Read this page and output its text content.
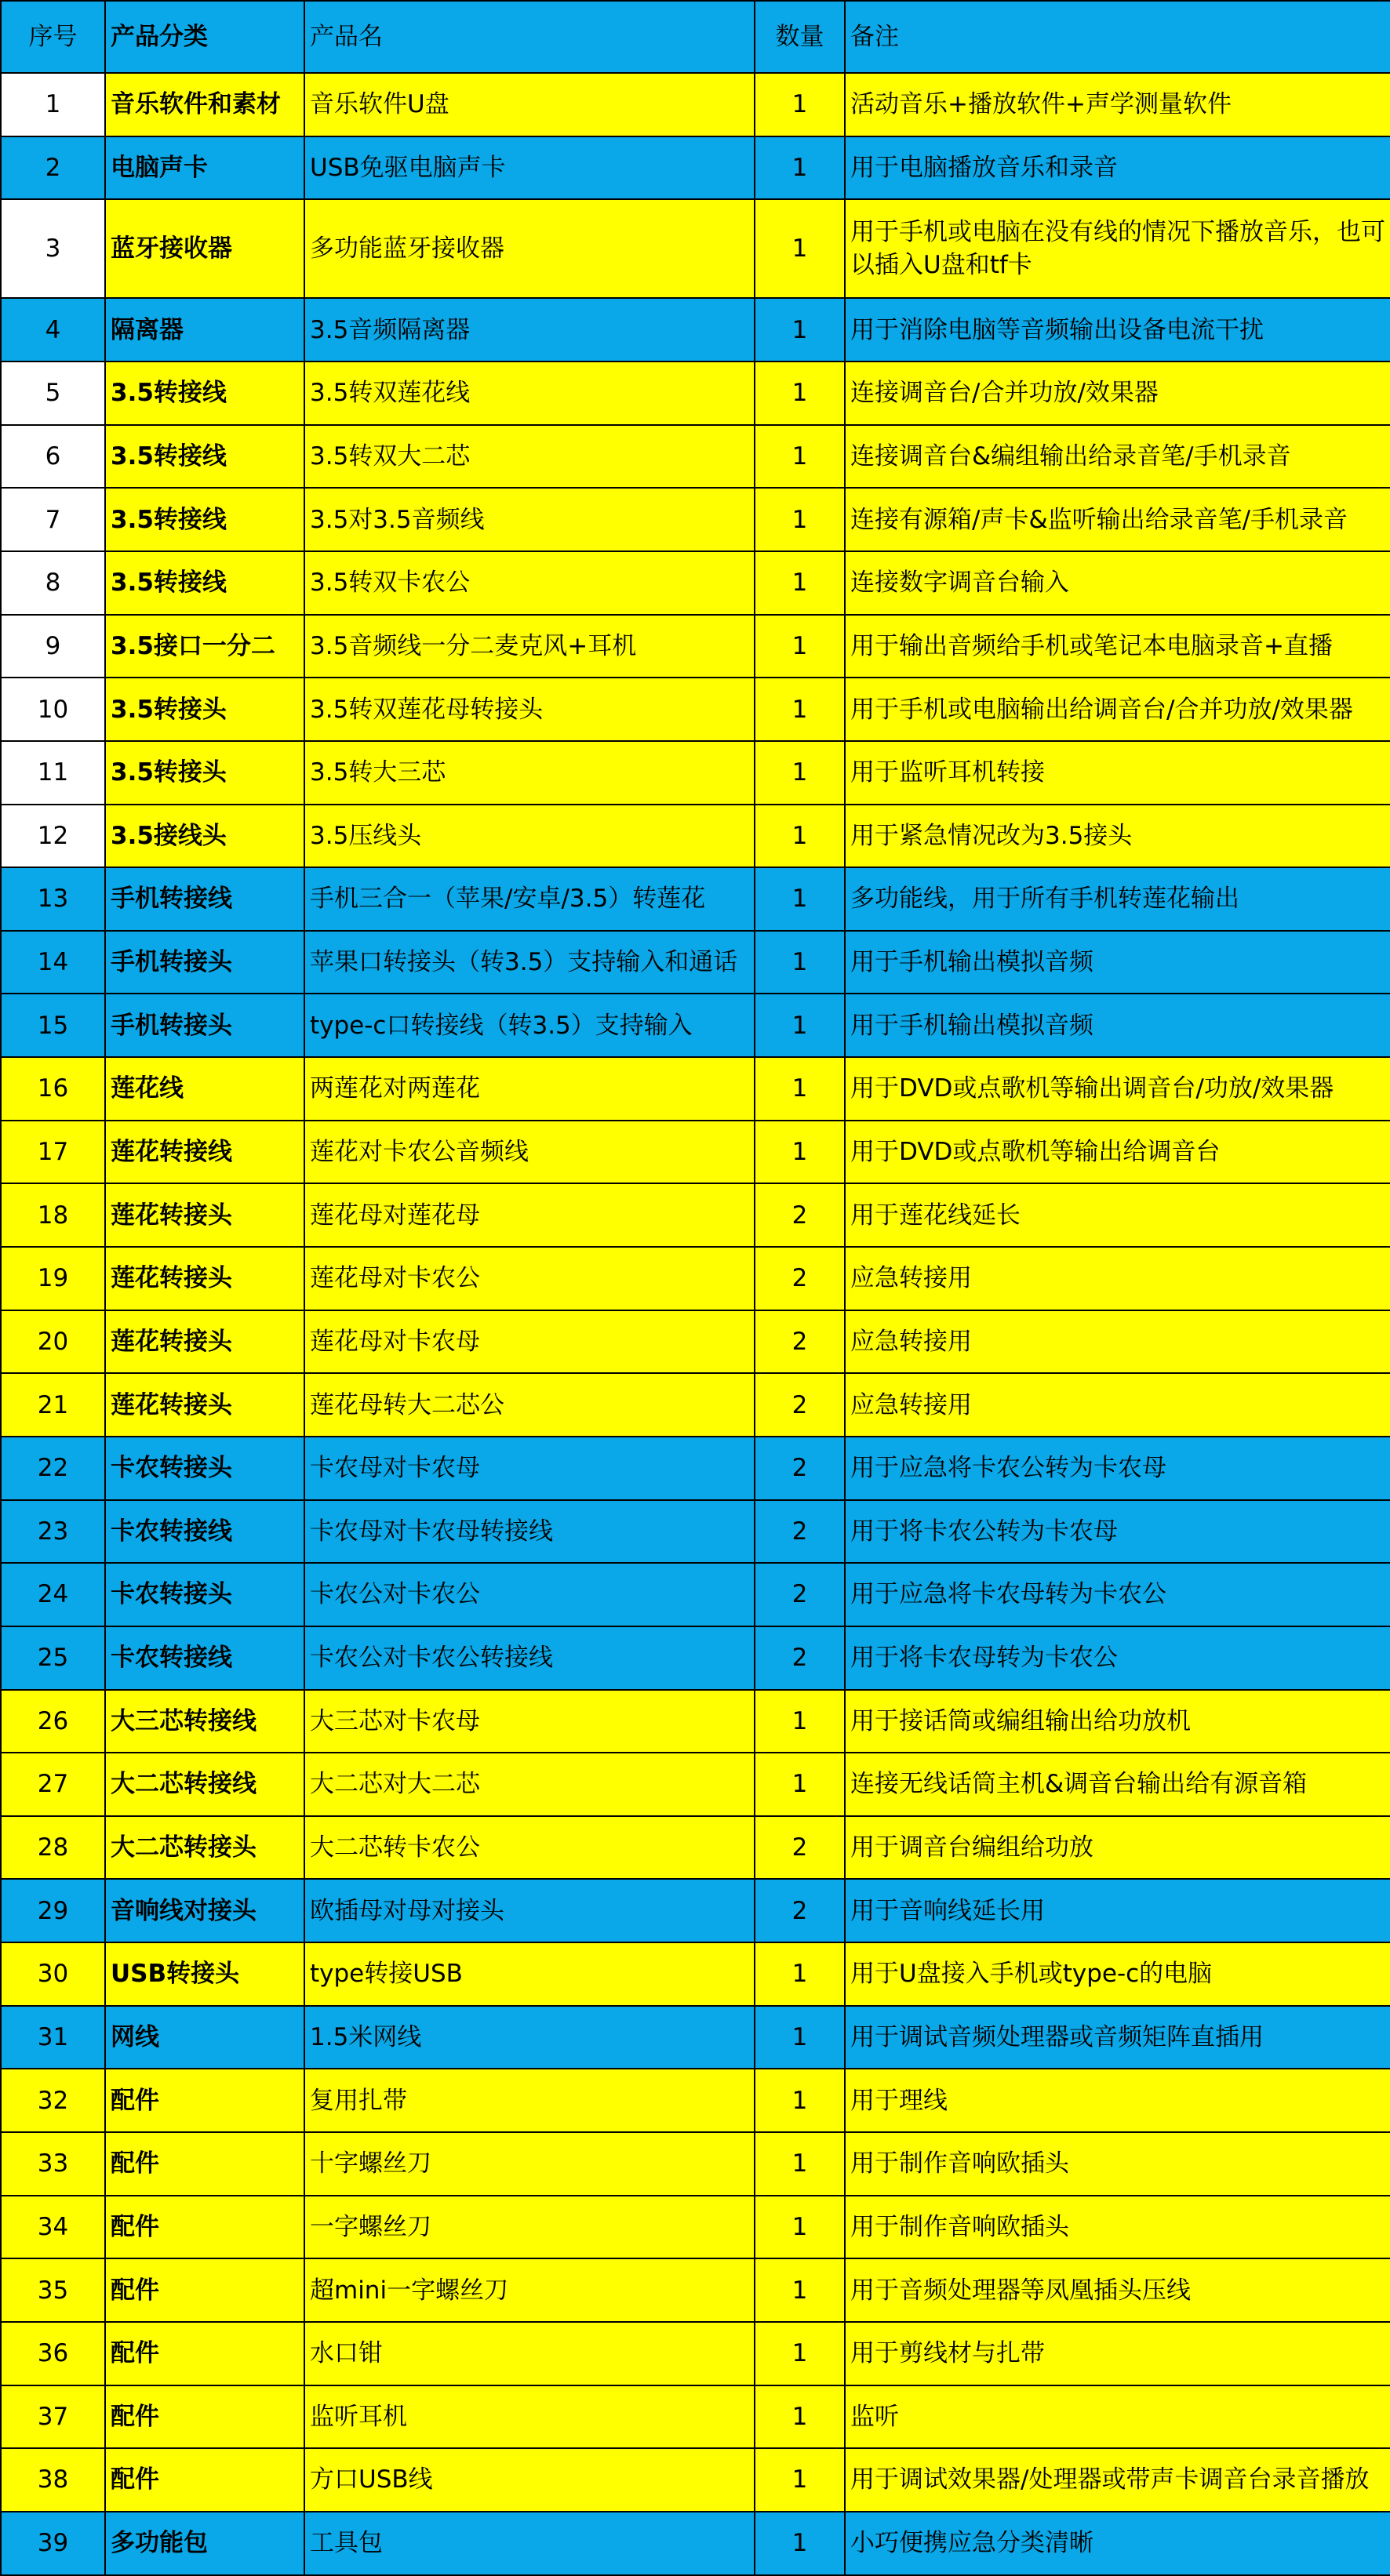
序号	产品分类	产品名	数量	备注
1	音乐软件和素材	音乐软件U盘	1	活动音乐+播放软件+声学测量软件
2	电脑声卡	USB免驱电脑声卡	1	用于电脑播放音乐和录音
3	蓝牙接收器	多功能蓝牙接收器	1	用于手机或电脑在没有线的情况下播放音乐，也可以插入U盘和tf卡
4	隔离器	3.5音频隔离器	1	用于消除电脑等音频输出设备电流干扰
5	3.5转接线	3.5转双莲花线	1	连接调音台/合并功放/效果器
6	3.5转接线	3.5转双大二芯	1	连接调音台&编组输出给录音笔/手机录音
7	3.5转接线	3.5对3.5音频线	1	连接有源箱/声卡&监听输出给录音笔/手机录音
8	3.5转接线	3.5转双卡农公	1	连接数字调音台输入
9	3.5接口一分二	3.5音频线一分二麦克风+耳机	1	用于输出音频给手机或笔记本电脑录音+直播
10	3.5转接头	3.5转双莲花母转接头	1	用于手机或电脑输出给调音台/合并功放/效果器
11	3.5转接头	3.5转大三芯	1	用于监听耳机转接
12	3.5接线头	3.5压线头	1	用于紧急情况改为3.5接头
13	手机转接线	手机三合一（苹果/安卓/3.5）转莲花	1	多功能线，用于所有手机转莲花输出
14	手机转接头	苹果口转接头（转3.5）支持输入和通话	1	用于手机输出模拟音频
15	手机转接头	type-c口转接线（转3.5）支持输入	1	用于手机输出模拟音频
16	莲花线	两莲花对两莲花	1	用于DVD或点歌机等输出调音台/功放/效果器
17	莲花转接线	莲花对卡农公音频线	1	用于DVD或点歌机等输出给调音台
18	莲花转接头	莲花母对莲花母	2	用于莲花线延长
19	莲花转接头	莲花母对卡农公	2	应急转接用
20	莲花转接头	莲花母对卡农母	2	应急转接用
21	莲花转接头	莲花母转大二芯公	2	应急转接用
22	卡农转接头	卡农母对卡农母	2	用于应急将卡农公转为卡农母
23	卡农转接线	卡农母对卡农母转接线	2	用于将卡农公转为卡农母
24	卡农转接头	卡农公对卡农公	2	用于应急将卡农母转为卡农公
25	卡农转接线	卡农公对卡农公转接线	2	用于将卡农母转为卡农公
26	大三芯转接线	大三芯对卡农母	1	用于接话筒或编组输出给功放机
27	大二芯转接线	大二芯对大二芯	1	连接无线话筒主机&调音台输出给有源音箱
28	大二芯转接头	大二芯转卡农公	2	用于调音台编组给功放
29	音响线对接头	欧插母对母对接头	2	用于音响线延长用
30	USB转接头	type转接USB	1	用于U盘接入手机或type-c的电脑
31	网线	1.5米网线	1	用于调试音频处理器或音频矩阵直插用
32	配件	复用扎带	1	用于理线
33	配件	十字螺丝刀	1	用于制作音响欧插头
34	配件	一字螺丝刀	1	用于制作音响欧插头
35	配件	超mini一字螺丝刀	1	用于音频处理器等凤凰插头压线
36	配件	水口钳	1	用于剪线材与扎带
37	配件	监听耳机	1	监听
38	配件	方口USB线	1	用于调试效果器/处理器或带声卡调音台录音播放
39	多功能包	工具包	1	小巧便携应急分类清晰
